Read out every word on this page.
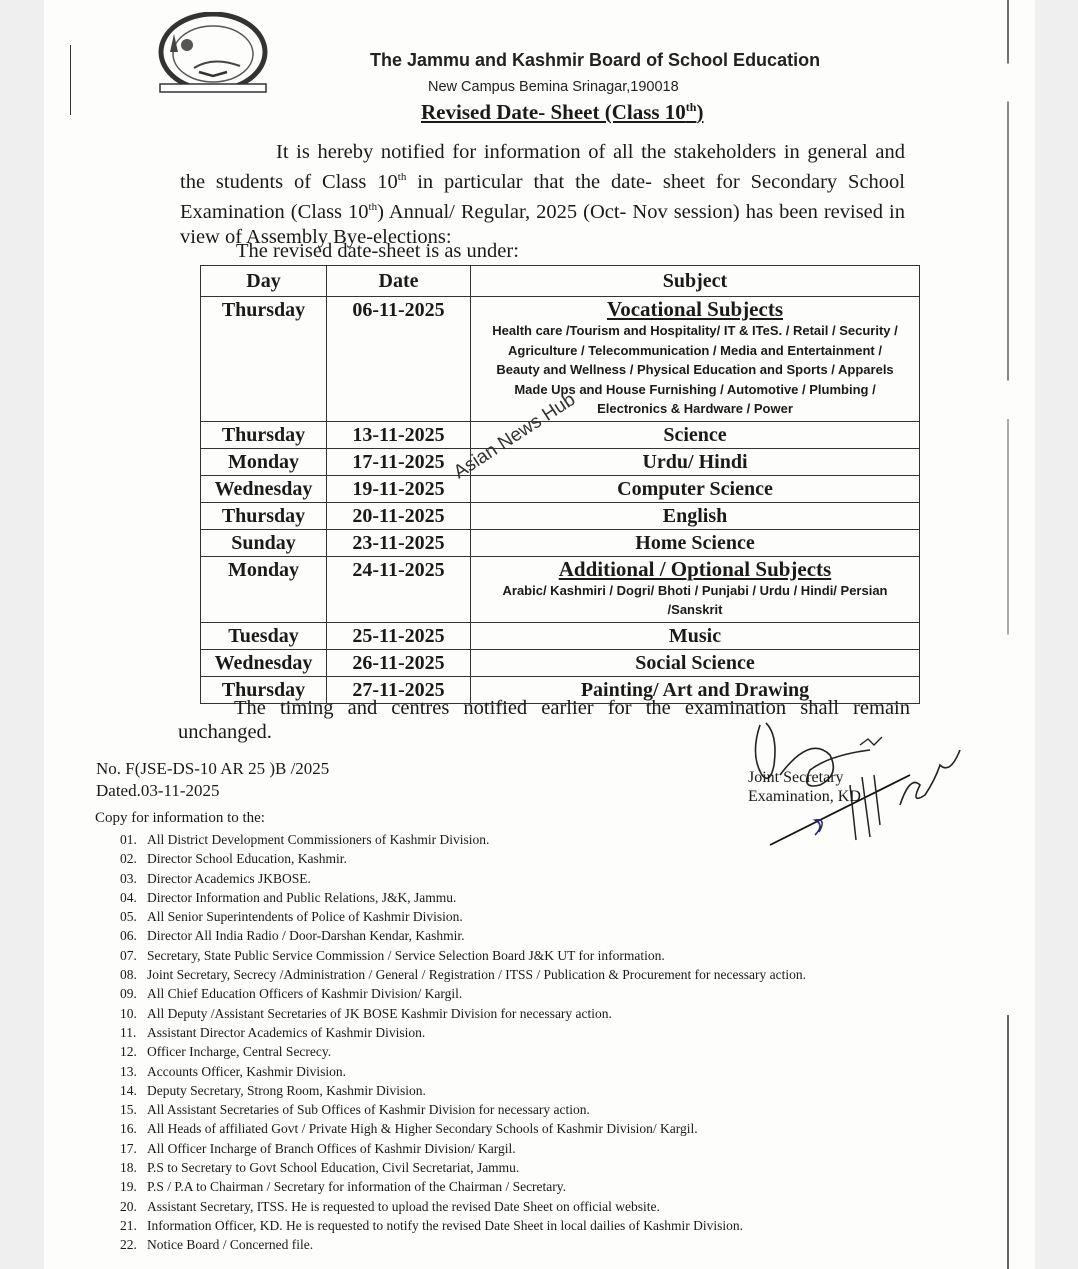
The Jammu and Kashmir Board of School Education
New Campus Bemina Srinagar,190018
Revised Date- Sheet (Class 10th)
It is hereby notified for information of all the stakeholders in general and the students of Class 10th in particular that the date- sheet for Secondary School Examination (Class 10th) Annual/ Regular, 2025 (Oct- Nov session) has been revised in view of Assembly Bye-elections:
The revised date-sheet is as under:
Day	Date	Subject
Thursday	06-11-2025	Vocational Subjects
Health care /Tourism and Hospitality/ IT & ITeS. / Retail / Security / Agriculture / Telecommunication / Media and Entertainment / Beauty and Wellness / Physical Education and Sports / Apparels Made Ups and House Furnishing / Automotive / Plumbing / Electronics & Hardware / Power

Thursday	13-11-2025	Science
Monday	17-11-2025	Urdu/ Hindi
Wednesday	19-11-2025	Computer Science
Thursday	20-11-2025	English
Sunday	23-11-2025	Home Science
Monday	24-11-2025	Additional / Optional Subjects
Arabic/ Kashmiri / Dogri/ Bhoti / Punjabi / Urdu / Hindi/ Persian /Sanskrit

Tuesday	25-11-2025	Music
Wednesday	26-11-2025	Social Science
Thursday	27-11-2025	Painting/ Art and Drawing
Asian News Hub
The timing and centres notified earlier for the examination shall remain unchanged.
No. F(JSE-DS-10 AR 25 )B /2025
Dated.03-11-2025
Joint Secretary
Examination, KD
Copy for information to the:
01. All District Development Commissioners of Kashmir Division.
02. Director School Education, Kashmir.
03. Director Academics JKBOSE.
04. Director Information and Public Relations, J&K, Jammu.
05. All Senior Superintendents of Police of Kashmir Division.
06. Director All India Radio / Door-Darshan Kendar, Kashmir.
07. Secretary, State Public Service Commission / Service Selection Board J&K UT for information.
08. Joint Secretary, Secrecy /Administration / General / Registration / ITSS / Publication & Procurement for necessary action.
09. All Chief Education Officers of Kashmir Division/ Kargil.
10. All Deputy /Assistant Secretaries of JK BOSE Kashmir Division for necessary action.
11. Assistant Director Academics of Kashmir Division.
12. Officer Incharge, Central Secrecy.
13. Accounts Officer, Kashmir Division.
14. Deputy Secretary, Strong Room, Kashmir Division.
15. All Assistant Secretaries of Sub Offices of Kashmir Division for necessary action.
16. All Heads of affiliated Govt / Private High & Higher Secondary Schools of Kashmir Division/ Kargil.
17. All Officer Incharge of Branch Offices of Kashmir Division/ Kargil.
18. P.S to Secretary to Govt School Education, Civil Secretariat, Jammu.
19. P.S / P.A to Chairman / Secretary for information of the Chairman / Secretary.
20. Assistant Secretary, ITSS. He is requested to upload the revised Date Sheet on official website.
21. Information Officer, KD. He is requested to notify the revised Date Sheet in local dailies of Kashmir Division.
22. Notice Board / Concerned file.
